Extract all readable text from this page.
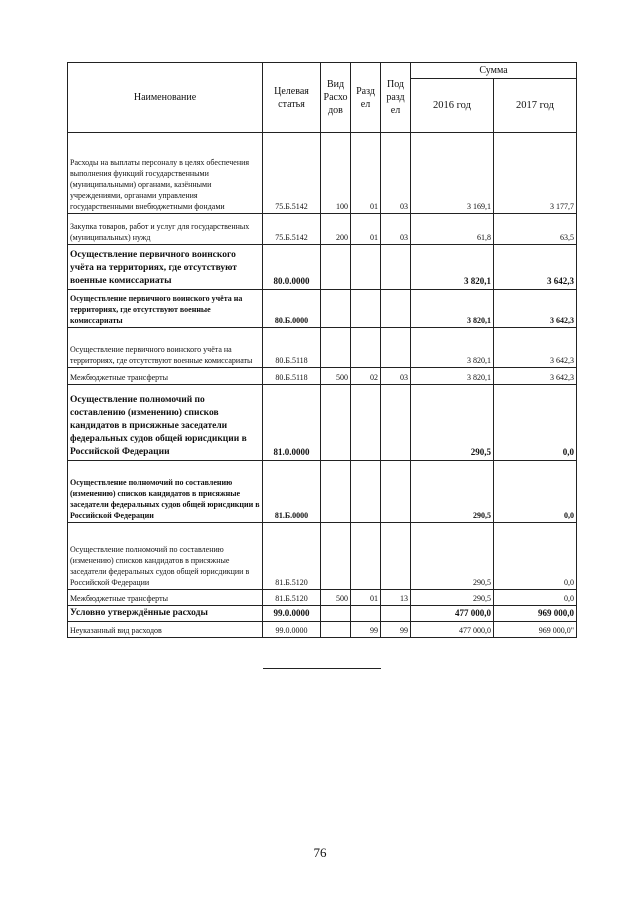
Наименование	Целевая статья	Вид Расхо дов	Разд ел	Под разд ел	Сумма	
					2016 год	2017 год
Расходы на выплаты персоналу в целях обеспечения выполнения функций государственными (муниципальными) органами, казёнными учреждениями, органами управления государственными внебюджетными фондами	75.Б.5142	100	01	03	3 169,1	3 177,7
Закупка товаров, работ и услуг для государственных (муниципальных) нужд	75.Б.5142	200	01	03	61,8	63,5
Осуществление первичного воинского учёта на территориях, где отсутствуют военные комиссариаты	80.0.0000				3 820,1	3 642,3
Осуществление первичного воинского учёта на территориях, где отсутствуют военные комиссариаты	80.Б.0000				3 820,1	3 642,3
Осуществление первичного воинского учёта на территориях, где отсутствуют военные комиссариаты	80.Б.5118				3 820,1	3 642,3
Межбюджетные трансферты	80.Б.5118	500	02	03	3 820,1	3 642,3
Осуществление полномочий по составлению (изменению) списков кандидатов в присяжные заседатели федеральных судов общей юрисдикции в Российской Федерации	81.0.0000				290,5	0,0
Осуществление полномочий по составлению (изменению) списков кандидатов в присяжные заседатели федеральных судов общей юрисдикции в Российской Федерации	81.Б.0000				290,5	0,0
Осуществление полномочий по составлению (изменению) списков кандидатов в присяжные заседатели федеральных судов общей юрисдикции в Российской Федерации	81.Б.5120				290,5	0,0
Межбюджетные трансферты	81.Б.5120	500	01	13	290,5	0,0
Условно утверждённые расходы	99.0.0000				477 000,0	969 000,0
Неуказанный вид расходов	99.0.0000		99	99	477 000,0	969 000,0"
76
